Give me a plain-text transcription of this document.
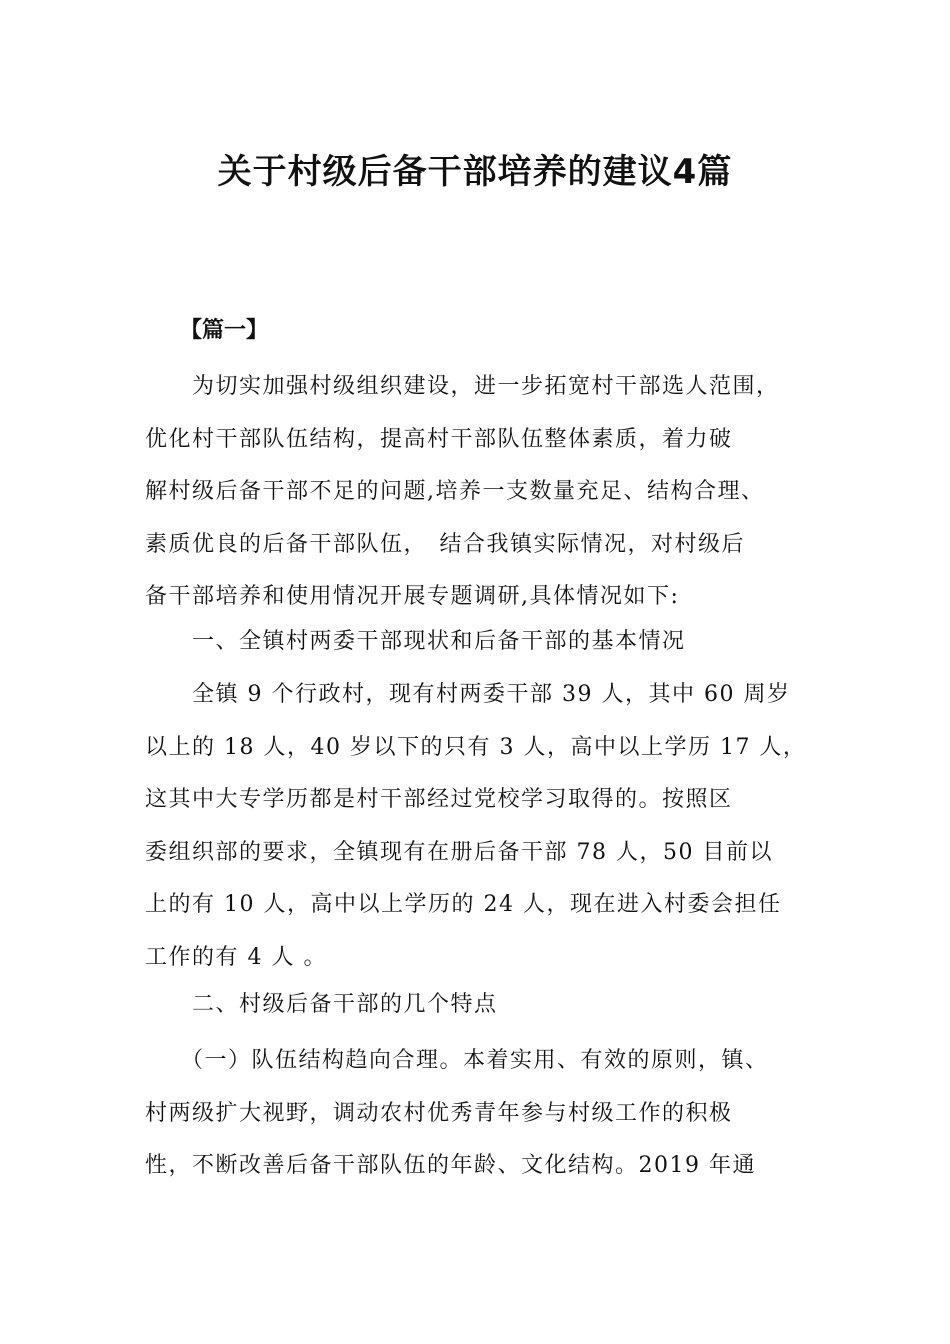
关于村级后备干部培养的建议4篇
【篇一】
　　为切实加强村级组织建设，进一步拓宽村干部选人范围，
优化村干部队伍结构，提高村干部队伍整体素质，着力破
解村级后备干部不足的问题,培养一支数量充足、结构合理、
素质优良的后备干部队伍，　结合我镇实际情况，对村级后
备干部培养和使用情况开展专题调研,具体情况如下:
　　一、全镇村两委干部现状和后备干部的基本情况
　　全镇 9 个行政村，现有村两委干部 39 人，其中 60 周岁
以上的 18 人，40 岁以下的只有 3 人，高中以上学历 17 人，
这其中大专学历都是村干部经过党校学习取得的。按照区
委组织部的要求，全镇现有在册后备干部 78 人，50 目前以
上的有 10 人，高中以上学历的 24 人，现在进入村委会担任
工作的有 4 人 。
　　二、村级后备干部的几个特点
　　（一）队伍结构趋向合理。本着实用、有效的原则，镇、
村两级扩大视野，调动农村优秀青年参与村级工作的积极
性，不断改善后备干部队伍的年龄、文化结构。2019 年通
